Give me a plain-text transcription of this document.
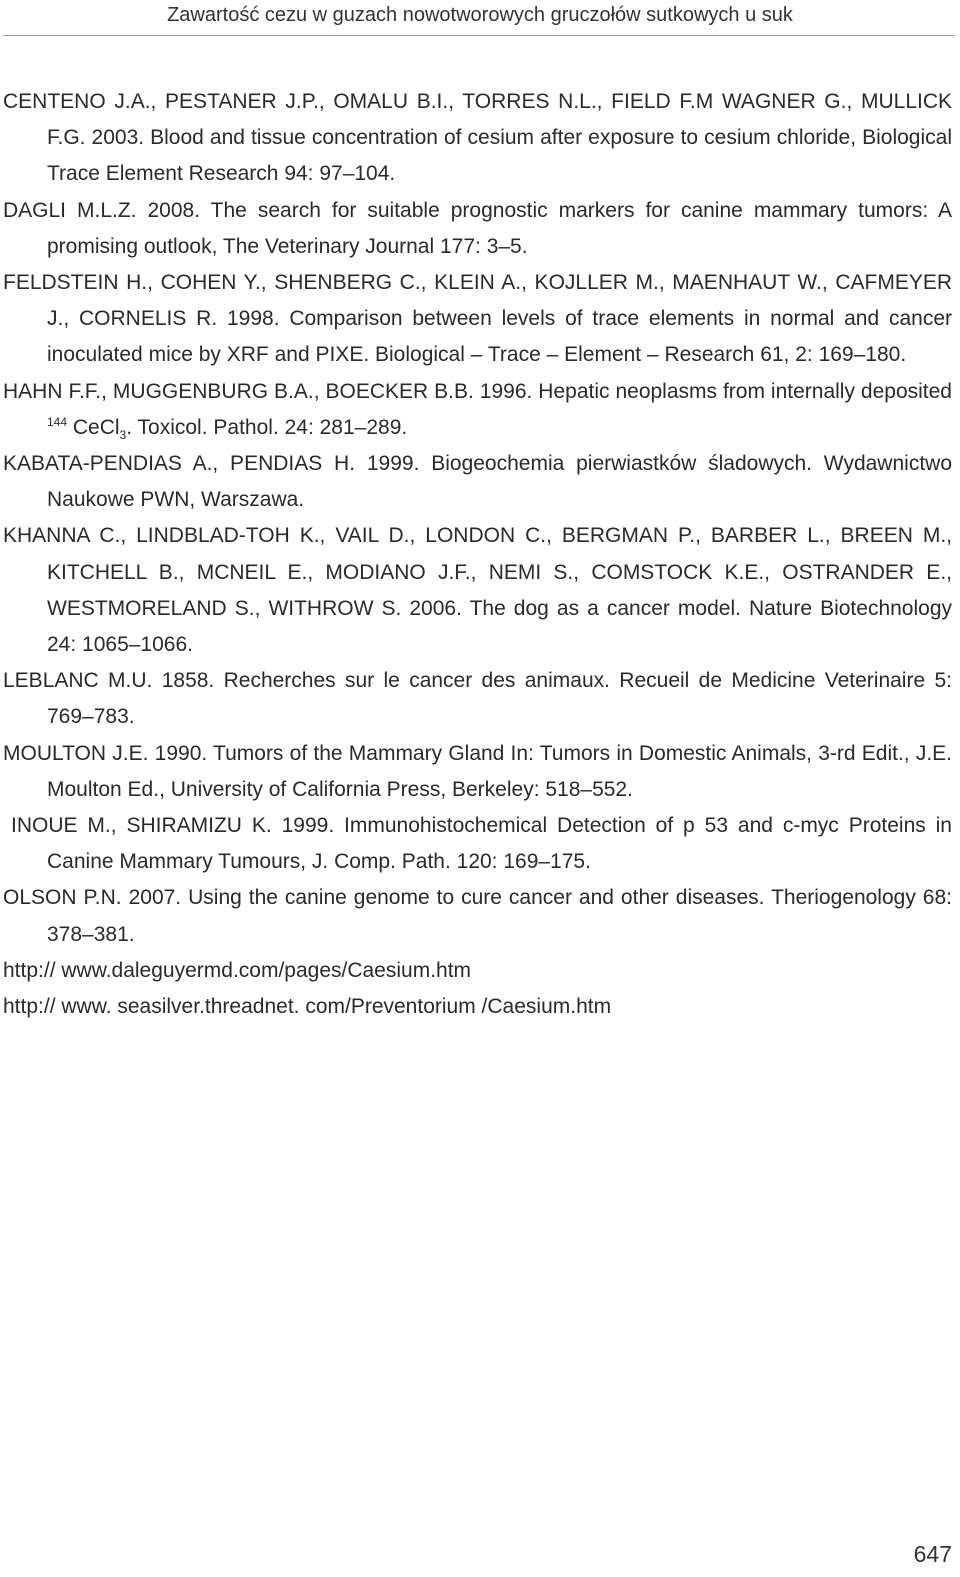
Zawartość cezu w guzach nowotworowych gruczołów sutkowych u suk
CENTENO J.A., PESTANER J.P., OMALU B.I., TORRES N.L., FIELD F.M WAGNER G., MULLICK F.G. 2003. Blood and tissue concentration of cesium after exposure to cesium chloride, Biological Trace Element Research 94: 97–104.
DAGLI M.L.Z. 2008. The search for suitable prognostic markers for canine mammary tumors: A promising outlook, The Veterinary Journal 177: 3–5.
FELDSTEIN H., COHEN Y., SHENBERG C., KLEIN A., KOJLLER M., MAENHAUT W., CAFMEYER J., CORNELIS R. 1998. Comparison between levels of trace elements in normal and cancer inoculated mice by XRF and PIXE. Biological – Trace – Element – Research 61, 2: 169–180.
HAHN F.F., MUGGENBURG B.A., BOECKER B.B. 1996. Hepatic neoplasms from internally deposited $^{144}$ CeCl$_3$. Toxicol. Pathol. 24: 281–289.
KABATA-PENDIAS A., PENDIAS H. 1999. Biogeochemia pierwiastków śladowych. Wydawnictwo Naukowe PWN, Warszawa.
KHANNA C., LINDBLAD-TOH K., VAIL D., LONDON C., BERGMAN P., BARBER L., BREEN M., KITCHELL B., MCNEIL E., MODIANO J.F., NEMI S., COMSTOCK K.E., OSTRANDER E., WESTMORELAND S., WITHROW S. 2006. The dog as a cancer model. Nature Biotechnology 24: 1065–1066.
LEBLANC M.U. 1858. Recherches sur le cancer des animaux. Recueil de Medicine Veterinaire 5: 769–783.
MOULTON J.E. 1990. Tumors of the Mammary Gland In: Tumors in Domestic Animals, 3-rd Edit., J.E. Moulton Ed., University of California Press, Berkeley: 518–552.
INOUE M., SHIRAMIZU K. 1999. Immunohistochemical Detection of p 53 and c-myc Proteins in Canine Mammary Tumours, J. Comp. Path. 120: 169–175.
OLSON P.N. 2007. Using the canine genome to cure cancer and other diseases. Theriogenology 68: 378–381.
http:// www.daleguyermd.com/pages/Caesium.htm
http:// www. seasilver.threadnet. com/Preventorium /Caesium.htm
647
